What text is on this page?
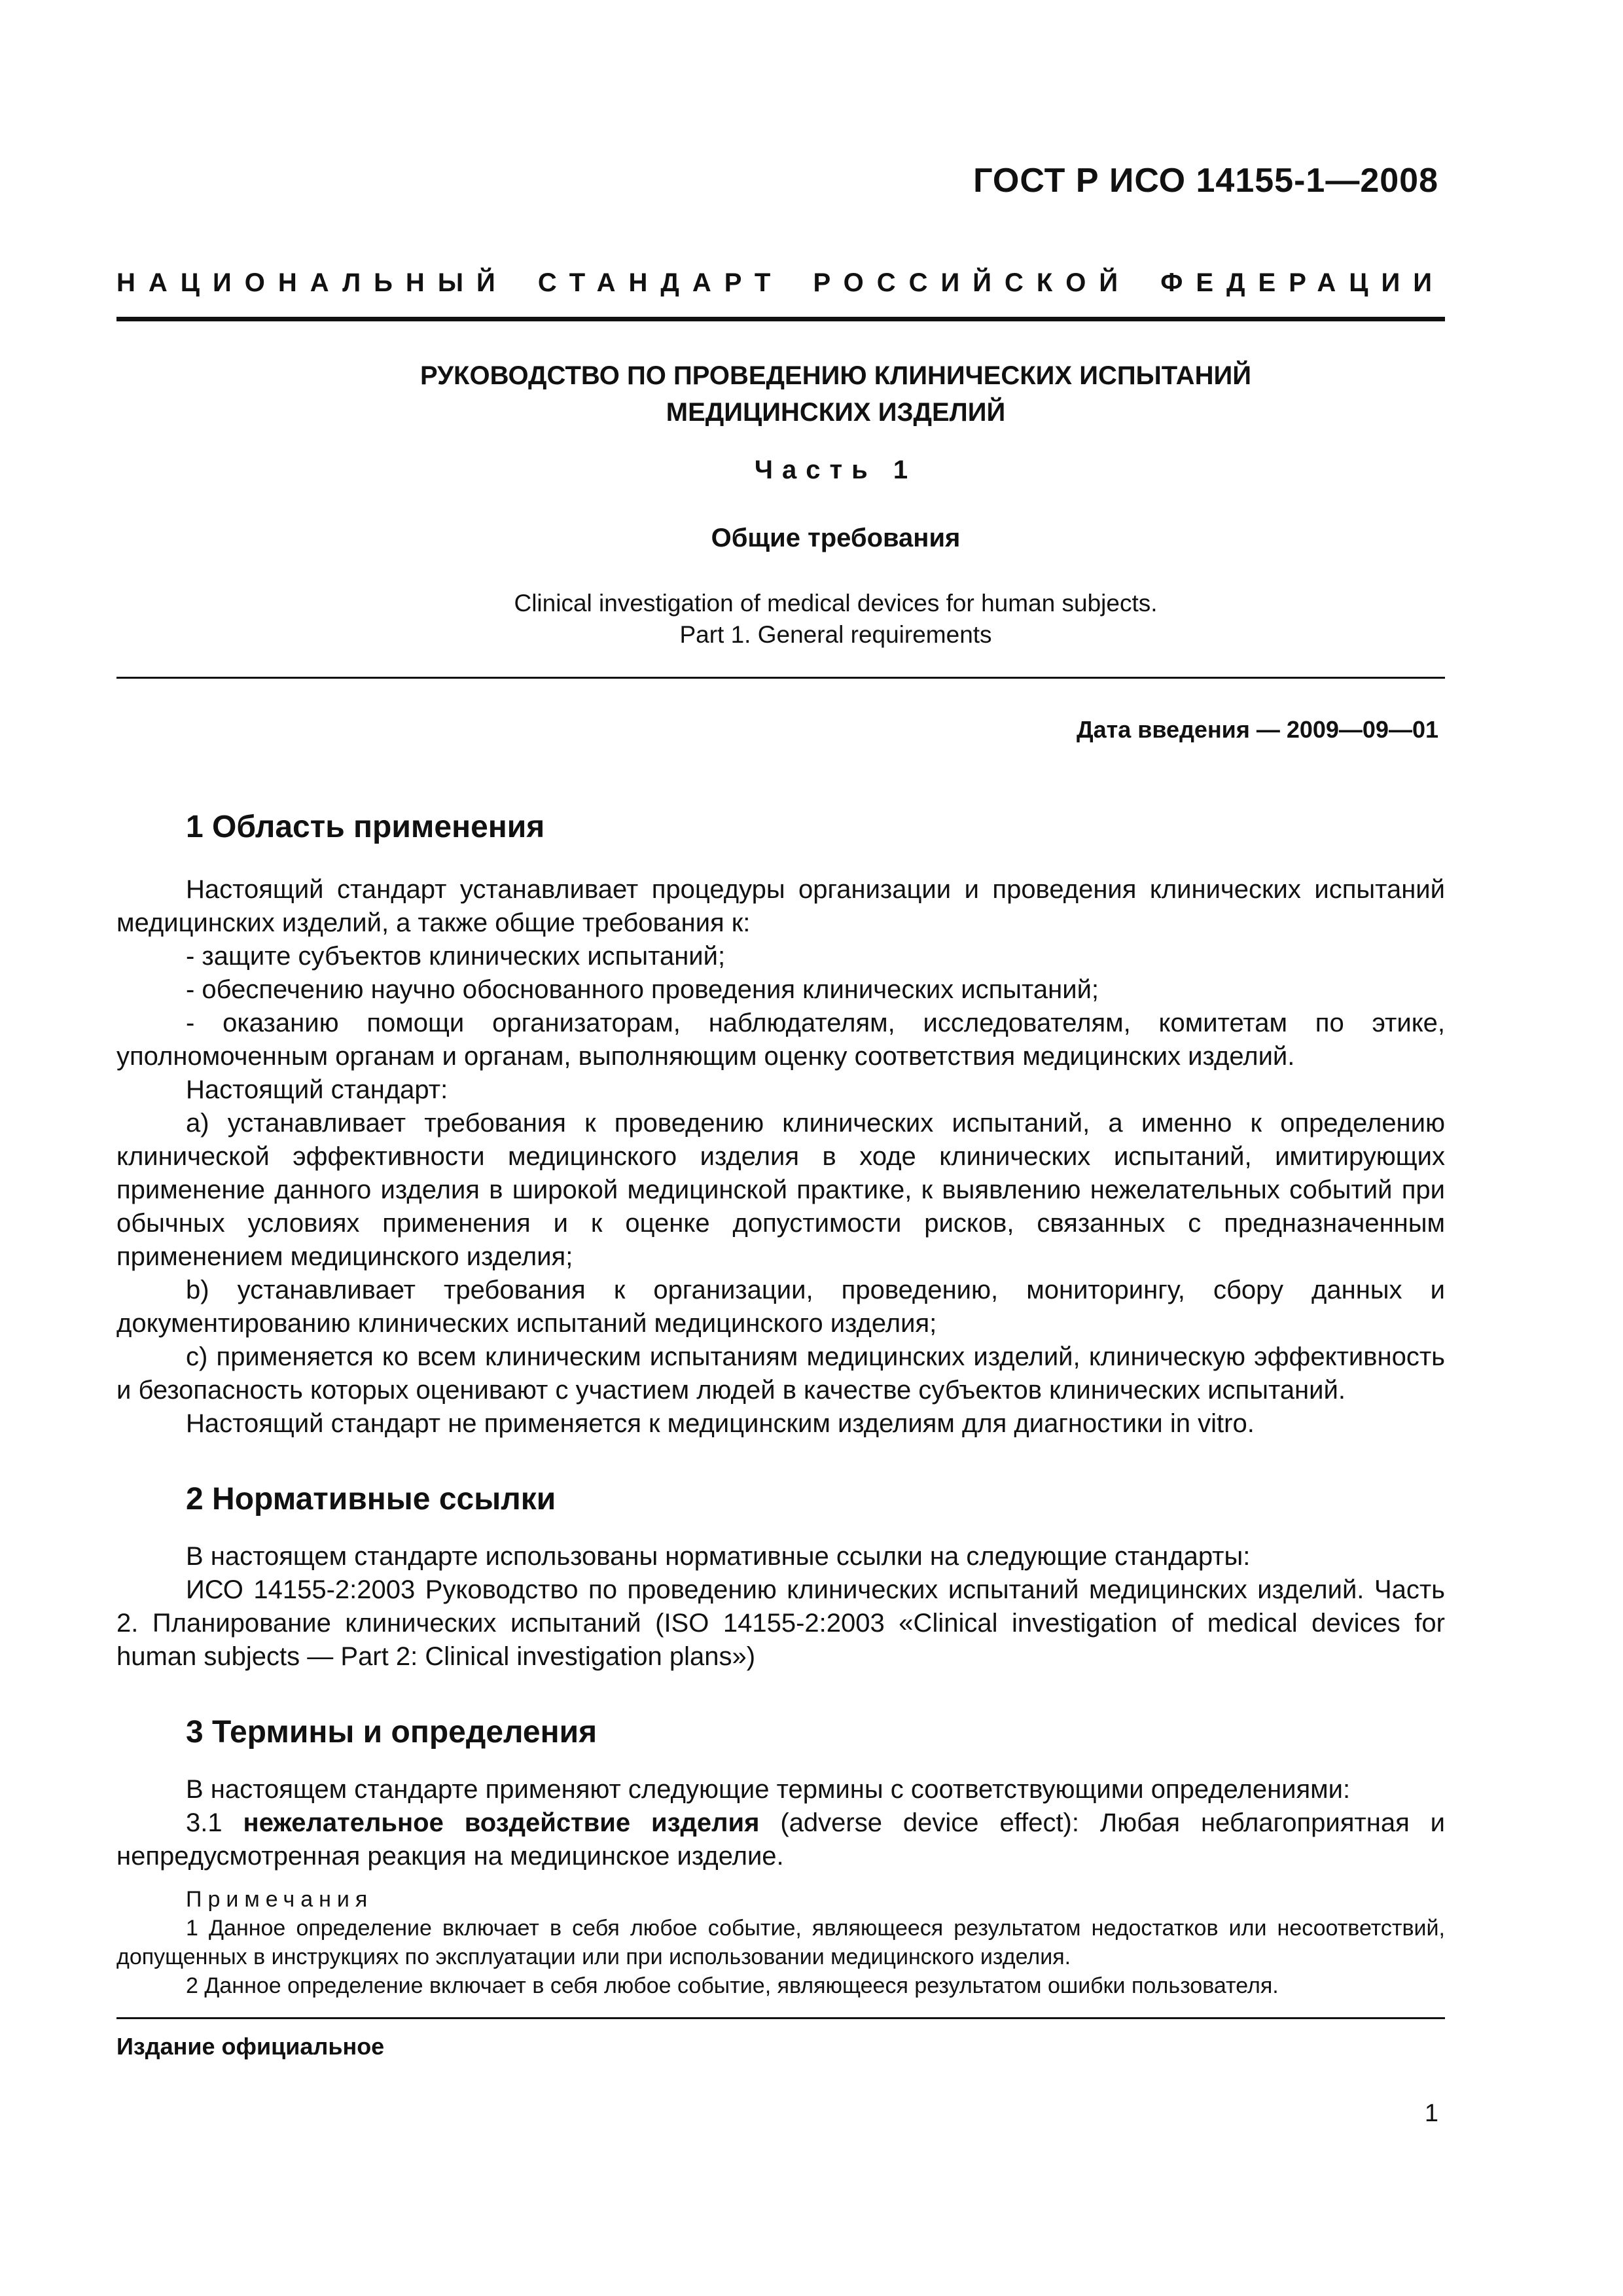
ГОСТ Р ИСО 14155-1—2008
НАЦИОНАЛЬНЫЙ СТАНДАРТ РОССИЙСКОЙ ФЕДЕРАЦИИ
РУКОВОДСТВО ПО ПРОВЕДЕНИЮ КЛИНИЧЕСКИХ ИСПЫТАНИЙ
МЕДИЦИНСКИХ ИЗДЕЛИЙ
Часть 1
Общие требования
Clinical investigation of medical devices for human subjects.
Part 1. General requirements
Дата введения — 2009—09—01
1 Область применения

Настоящий стандарт устанавливает процедуры организации и проведения клинических испытаний медицинских изделий, а также общие требования к:

- защите субъектов клинических испытаний;

- обеспечению научно обоснованного проведения клинических испытаний;

- оказанию помощи организаторам, наблюдателям, исследователям, комитетам по этике, уполномоченным органам и органам, выполняющим оценку соответствия медицинских изделий.

Настоящий стандарт:

a) устанавливает требования к проведению клинических испытаний, а именно к определению клинической эффективности медицинского изделия в ходе клинических испытаний, имитирующих применение данного изделия в широкой медицинской практике, к выявлению нежелательных событий при обычных условиях применения и к оценке допустимости рисков, связанных с предназначенным применением медицинского изделия;

b) устанавливает требования к организации, проведению, мониторингу, сбору данных и документированию клинических испытаний медицинского изделия;

c) применяется ко всем клиническим испытаниям медицинских изделий, клиническую эффективность и безопасность которых оценивают с участием людей в качестве субъектов клинических испытаний.

Настоящий стандарт не применяется к медицинским изделиям для диагностики in vitro.

2 Нормативные ссылки

В настоящем стандарте использованы нормативные ссылки на следующие стандарты:

ИСО 14155-2:2003 Руководство по проведению клинических испытаний медицинских изделий. Часть 2. Планирование клинических испытаний (ISO 14155-2:2003 «Clinical investigation of medical devices for human subjects — Part 2: Clinical investigation plans»)

3 Термины и определения

В настоящем стандарте применяют следующие термины с соответствующими определениями:

3.1 нежелательное воздействие изделия (adverse device effect): Любая неблагоприятная и непредусмотренная реакция на медицинское изделие.

Примечания

1 Данное определение включает в себя любое событие, являющееся результатом недостатков или несоответствий, допущенных в инструкциях по эксплуатации или при использовании медицинского изделия.

2 Данное определение включает в себя любое событие, являющееся результатом ошибки пользователя.

Издание официальное
1
